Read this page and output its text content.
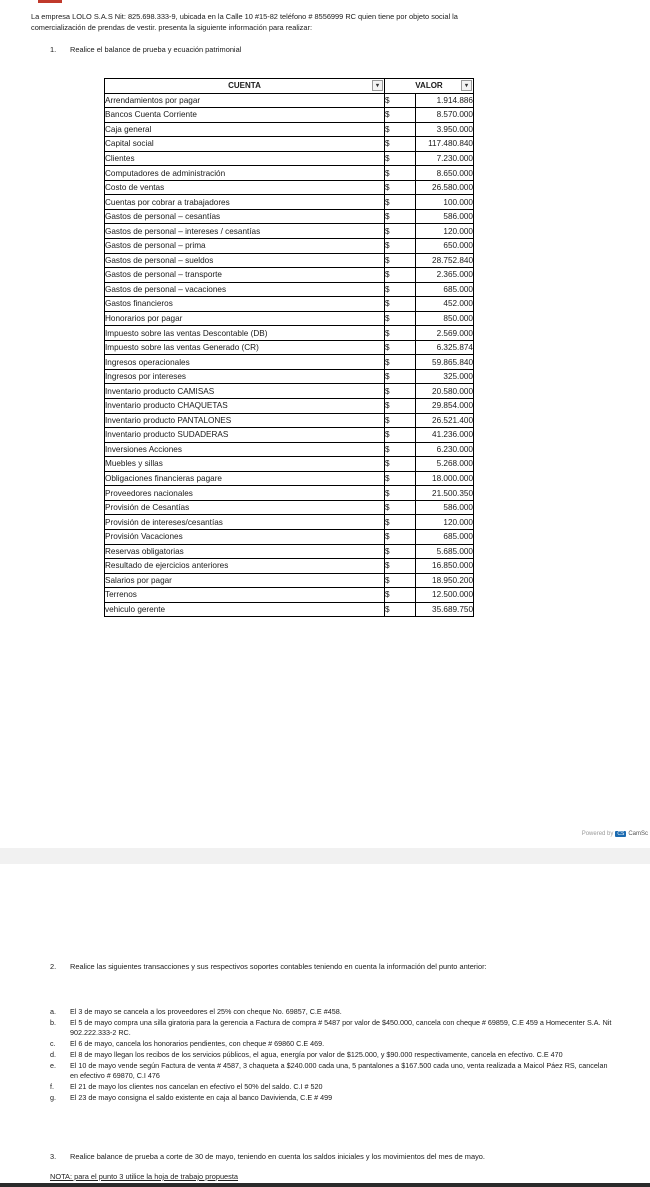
La empresa LOLO S.A.S Nit: 825.698.333-9, ubicada en la Calle 10 #15-82 teléfono # 8556999 RC quien tiene por objeto social la
comercialización de prendas de vestir. presenta la siguiente información para realizar:
1. Realice el balance de prueba y ecuación patrimonial
CUENTA ▾	VALOR ▾	

Arrendamientos por pagar	$	1.914.886
Bancos Cuenta Corriente	$	8.570.000
Caja general	$	3.950.000
Capital social	$	117.480.840
Clientes	$	7.230.000
Computadores de administración	$	8.650.000
Costo de ventas	$	26.580.000
Cuentas por cobrar a trabajadores	$	100.000
Gastos de personal – cesantías	$	586.000
Gastos de personal – intereses / cesantías	$	120.000
Gastos de personal – prima	$	650.000
Gastos de personal – sueldos	$	28.752.840
Gastos de personal – transporte	$	2.365.000
Gastos de personal – vacaciones	$	685.000
Gastos financieros	$	452.000
Honorarios por pagar	$	850.000
Impuesto sobre las ventas Descontable (DB)	$	2.569.000
Impuesto sobre las ventas Generado (CR)	$	6.325.874
Ingresos operacionales	$	59.865.840
Ingresos por intereses	$	325.000
Inventario producto CAMISAS	$	20.580.000
Inventario producto CHAQUETAS	$	29.854.000
Inventario producto PANTALONES	$	26.521.400
Inventario producto SUDADERAS	$	41.236.000
Inversiones Acciones	$	6.230.000
Muebles y sillas	$	5.268.000
Obligaciones financieras pagare	$	18.000.000
Proveedores nacionales	$	21.500.350
Provisión de Cesantías	$	586.000
Provisión de intereses/cesantías	$	120.000
Provisión Vacaciones	$	685.000
Reservas obligatorias	$	5.685.000
Resultado de ejercicios anteriores	$	16.850.000
Salarios por pagar	$	18.950.200
Terrenos	$	12.500.000
vehiculo gerente	$	35.689.750
Powered by CS CamSc
2. Realice las siguientes transacciones y sus respectivos soportes contables teniendo en cuenta la información del punto anterior:
a.	El 3 de mayo se cancela a los proveedores el 25% con cheque No. 69857, C.E #458.
b.	El 5 de mayo compra una silla giratoria para la gerencia a Factura de compra # 5487 por valor de $450.000, cancela con cheque # 69859, C.E 459 a Homecenter S.A. Nit 902.222.333-2 RC.
c.	El 6 de mayo, cancela los honorarios pendientes, con cheque # 69860 C.E 469.
d.	El 8 de mayo llegan los recibos de los servicios públicos, el agua, energía por valor de $125.000, y $90.000 respectivamente, cancela en efectivo. C.E 470
e.	El 10 de mayo vende según Factura de venta # 4587, 3 chaqueta a $240.000 cada una, 5 pantalones a $167.500 cada uno, venta realizada a Maicol Páez RS, cancelan en efectivo # 69870, C.I 476
f.	El 21 de mayo los clientes nos cancelan en efectivo el 50% del saldo. C.I # 520
g.	El 23 de mayo consigna el saldo existente en caja al banco Davivienda, C.E # 499
3. Realice balance de prueba a corte de 30 de mayo, teniendo en cuenta los saldos iniciales y los movimientos del mes de mayo.
NOTA: para el punto 3 utilice la hoja de trabajo propuesta
